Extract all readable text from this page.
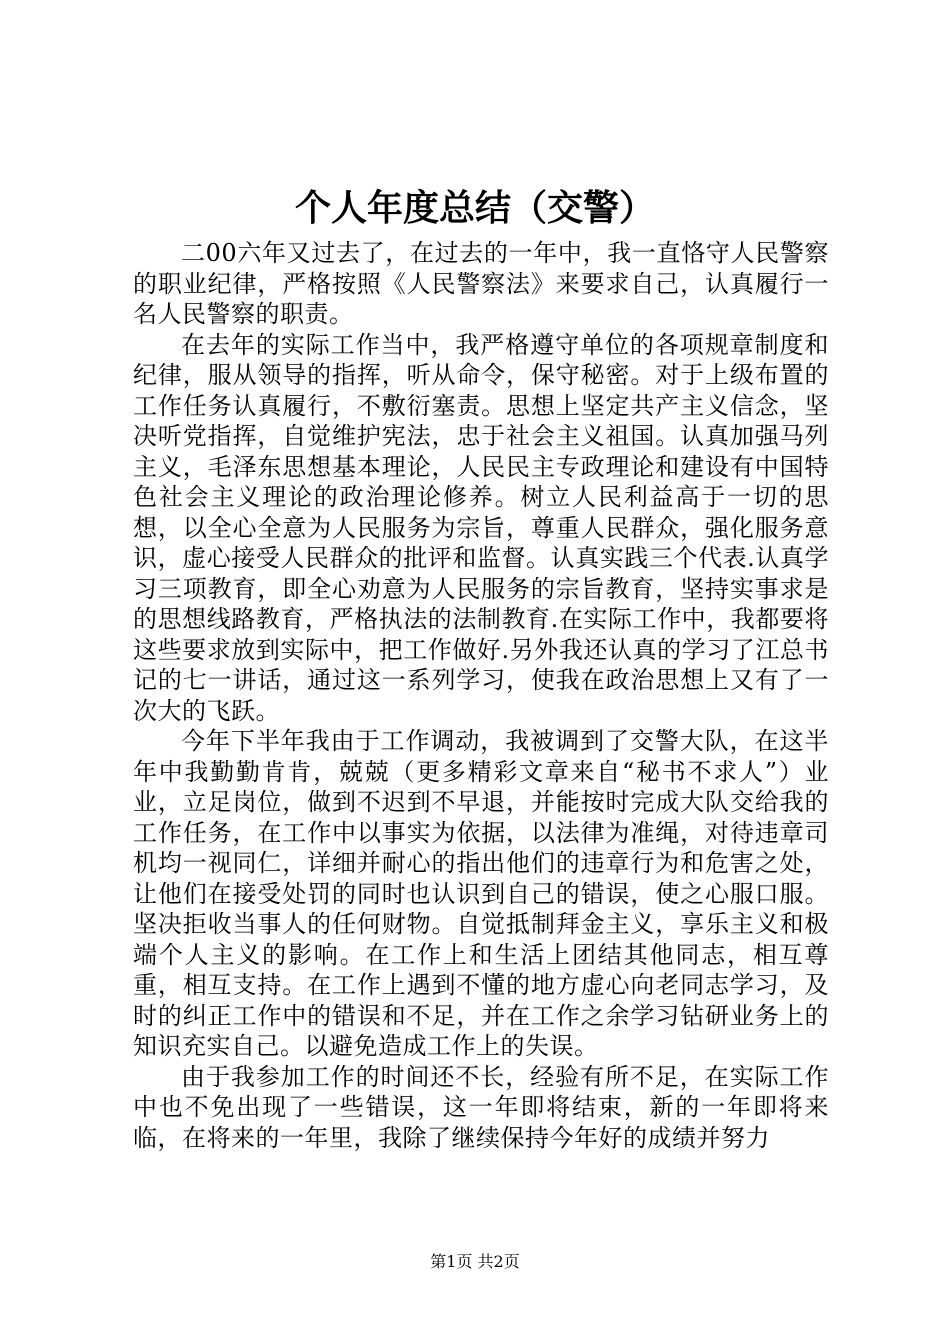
个人年度总结（交警）

二00六年又过去了，在过去的一年中，我一直恪守人民警察的职业纪律，严格按照《人民警察法》来要求自己，认真履行一名人民警察的职责。

在去年的实际工作当中，我严格遵守单位的各项规章制度和纪律，服从领导的指挥，听从命令，保守秘密。对于上级布置的工作任务认真履行，不敷衍塞责。思想上坚定共产主义信念，坚决听党指挥，自觉维护宪法，忠于社会主义祖国。认真加强马列主义，毛泽东思想基本理论，人民民主专政理论和建设有中国特色社会主义理论的政治理论修养。树立人民利益高于一切的思想，以全心全意为人民服务为宗旨，尊重人民群众，强化服务意识，虚心接受人民群众的批评和监督。认真实践三个代表.认真学习三项教育，即全心劝意为人民服务的宗旨教育，坚持实事求是的思想线路教育，严格执法的法制教育.在实际工作中，我都要将这些要求放到实际中，把工作做好.另外我还认真的学习了江总书记的七一讲话，通过这一系列学习，使我在政治思想上又有了一次大的飞跃。

今年下半年我由于工作调动，我被调到了交警大队，在这半年中我勤勤肯肯，兢兢（更多精彩文章来自“秘书不求人”）业业，立足岗位，做到不迟到不早退，并能按时完成大队交给我的工作任务，在工作中以事实为依据，以法律为准绳，对待违章司机均一视同仁，详细并耐心的指出他们的违章行为和危害之处，让他们在接受处罚的同时也认识到自己的错误，使之心服口服。坚决拒收当事人的任何财物。自觉抵制拜金主义，享乐主义和极端个人主义的影响。在工作上和生活上团结其他同志，相互尊重，相互支持。在工作上遇到不懂的地方虚心向老同志学习，及时的纠正工作中的错误和不足，并在工作之余学习钻研业务上的知识充实自己。以避免造成工作上的失误。

由于我参加工作的时间还不长，经验有所不足，在实际工作中也不免出现了一些错误，这一年即将结束，新的一年即将来临，在将来的一年里，我除了继续保持今年好的成绩并努力

第1页 共2页
